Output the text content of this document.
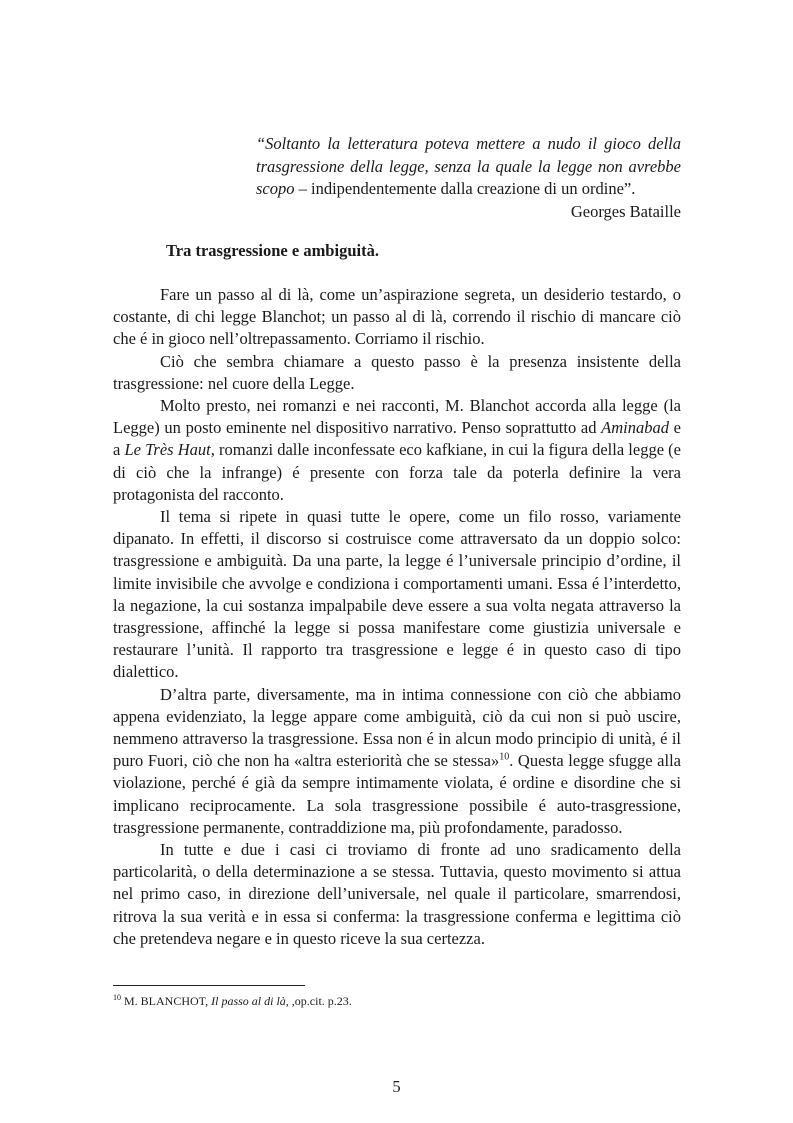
“Soltanto la letteratura poteva mettere a nudo il gioco della trasgressione della legge, senza la quale la legge non avrebbe scopo – indipendentemente dalla creazione di un ordine”.
Georges Bataille
Tra trasgressione e ambiguità.

Fare un passo al di là, come un’aspirazione segreta, un desiderio testardo, o costante, di chi legge Blanchot; un passo al di là, correndo il rischio di mancare ciò che é in gioco nell’oltrepassamento. Corriamo il rischio.

Ciò che sembra chiamare a questo passo è la presenza insistente della trasgressione: nel cuore della Legge.

Molto presto, nei romanzi e nei racconti, M. Blanchot accorda alla legge (la Legge) un posto eminente nel dispositivo narrativo. Penso soprattutto ad Aminabad e a Le Très Haut, romanzi dalle inconfessate eco kafkiane, in cui la figura della legge (e di ciò che la infrange) é presente con forza tale da poterla definire la vera protagonista del racconto.

Il tema si ripete in quasi tutte le opere, come un filo rosso, variamente dipanato. In effetti, il discorso si costruisce come attraversato da un doppio solco: trasgressione e ambiguità. Da una parte, la legge é l’universale principio d’ordine, il limite invisibile che avvolge e condiziona i comportamenti umani. Essa é l’interdetto, la negazione, la cui sostanza impalpabile deve essere a sua volta negata attraverso la trasgressione, affinché la legge si possa manifestare come giustizia universale e restaurare l’unità. Il rapporto tra trasgressione e legge é in questo caso di tipo dialettico.

D’altra parte, diversamente, ma in intima connessione con ciò che abbiamo appena evidenziato, la legge appare come ambiguità, ciò da cui non si può uscire, nemmeno attraverso la trasgressione. Essa non é in alcun modo principio di unità, é il puro Fuori, ciò che non ha «altra esteriorità che se stessa»$^{10}$. Questa legge sfugge alla violazione, perché é già da sempre intimamente violata, é ordine e disordine che si implicano reciprocamente. La sola trasgressione possibile é auto-trasgressione, trasgressione permanente, contraddizione ma, più profondamente, paradosso.

In tutte e due i casi ci troviamo di fronte ad uno sradicamento della particolarità, o della determinazione a se stessa. Tuttavia, questo movimento si attua nel primo caso, in direzione dell’universale, nel quale il particolare, smarrendosi, ritrova la sua verità e in essa si conferma: la trasgressione conferma e legittima ciò che pretendeva negare e in questo riceve la sua certezza.

$^{10}$ M. BLANCHOT, Il passo al di là, ,op.cit. p.23.
5
